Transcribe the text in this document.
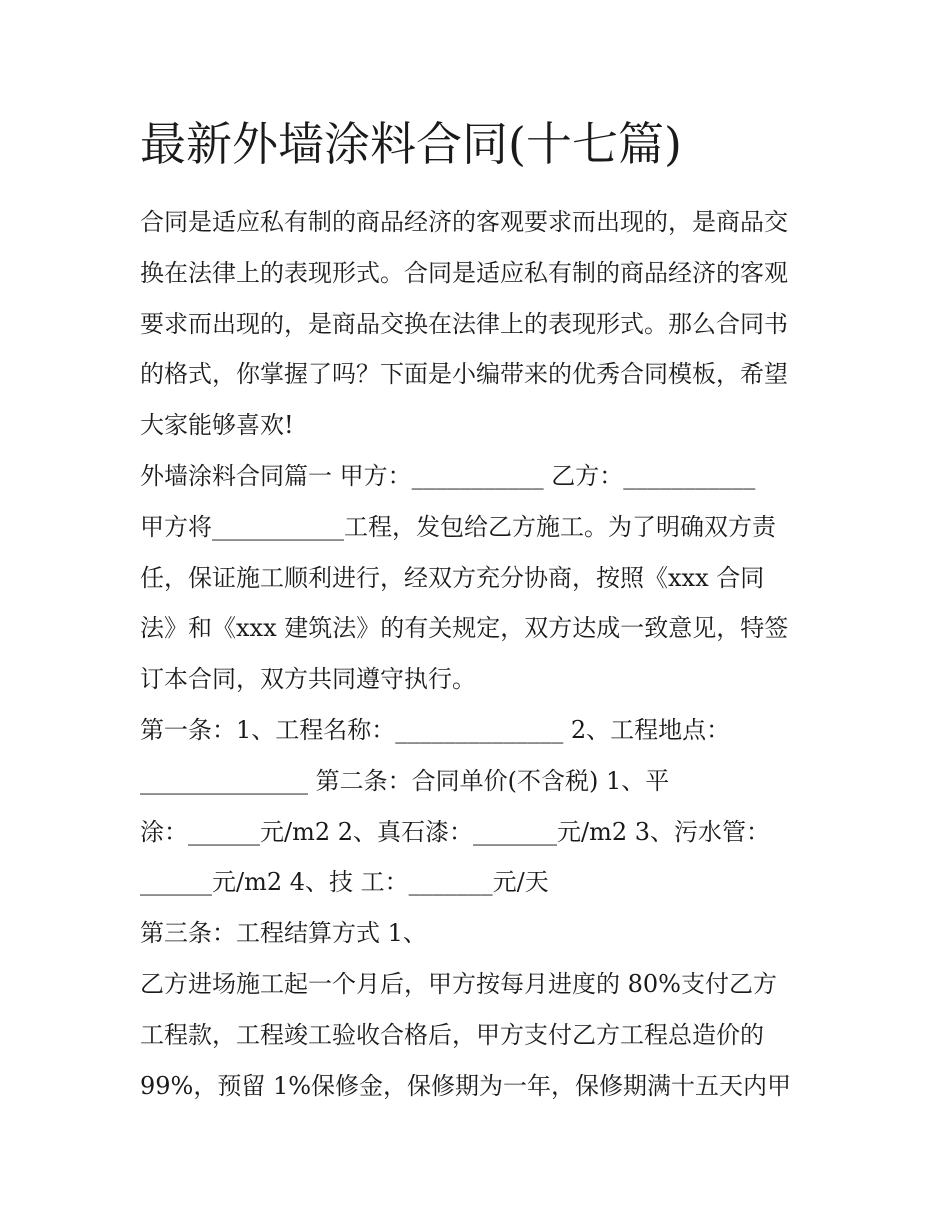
最新外墙涂料合同(十七篇)
合同是适应私有制的商品经济的客观要求而出现的，是商品交
换在法律上的表现形式。合同是适应私有制的商品经济的客观
要求而出现的，是商品交换在法律上的表现形式。那么合同书
的格式，你掌握了吗？下面是小编带来的优秀合同模板，希望
大家能够喜欢!
外墙涂料合同篇一 甲方：___________ 乙方：___________
甲方将___________工程，发包给乙方施工。为了明确双方责
任，保证施工顺利进行，经双方充分协商，按照《xxx 合同
法》和《xxx 建筑法》的有关规定，双方达成一致意见，特签
订本合同，双方共同遵守执行。
第一条：1、工程名称：______________ 2、工程地点：
______________ 第二条：合同单价(不含税) 1、平
涂：______元/m2 2、真石漆：_______元/m2 3、污水管：
______元/m2 4、技 工：_______元/天
第三条：工程结算方式 1、
乙方进场施工起一个月后，甲方按每月进度的 80%支付乙方
工程款，工程竣工验收合格后，甲方支付乙方工程总造价的
99%，预留 1%保修金，保修期为一年，保修期满十五天内甲
